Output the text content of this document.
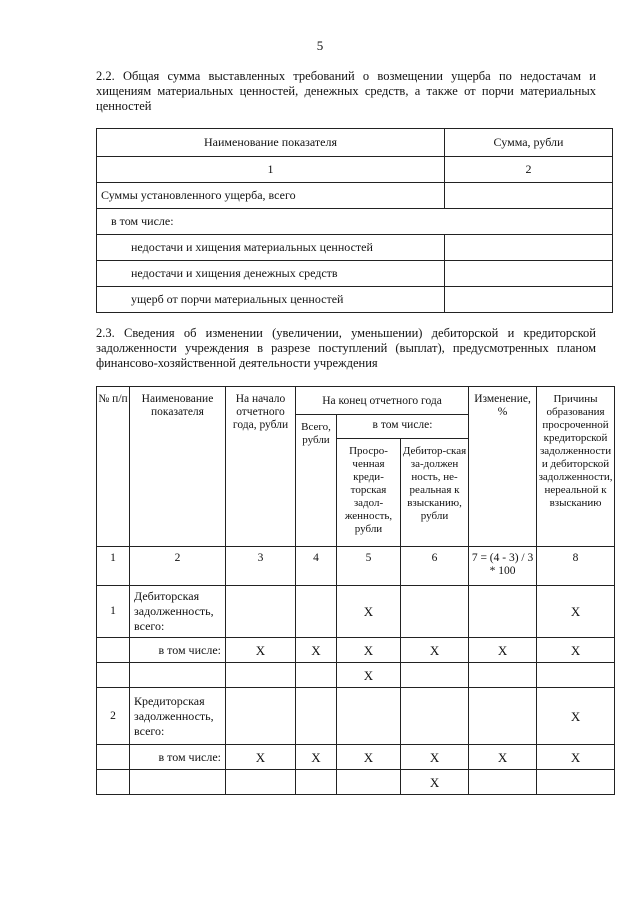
5
2.2. Общая сумма выставленных требований о возмещении ущерба по недостачам и хищениям материальных ценностей, денежных средств, а также от порчи материальных ценностей
Наименование показателя	Сумма, рубли
1	2
Суммы установленного ущерба, всего	
в том числе:	
недостачи и хищения материальных ценностей	
недостачи и хищения денежных средств	
ущерб от порчи материальных ценностей	
2.3. Сведения об изменении (увеличении, уменьшении) дебиторской и кредиторской задолженности учреждения в разрезе поступлений (выплат), предусмотренных планом финансово-хозяйственной деятельности учреждения
№ п/п	Наименование показателя	На начало отчетного года, рубли	На конец отчетного года			Изменение, %	Причины образования просроченной кредиторской задолженности и дебиторской задолженности, нереальной к взысканию
			Всего, рубли	в том числе:			
				Просро-ченная креди-торская задол-женность, рубли	Дебитор-ская за-должен ность, не-реальная к взысканию, рубли		
1	2	3	4	5	6	7 = (4 - 3) / 3 * 100	8
1	Дебиторская задолженность, всего:			X			X
	в том числе:	X	X	X	X	X	X
				X			
2	Кредиторская задолженность, всего:						X
	в том числе:	X	X	X	X	X	X
					X		
